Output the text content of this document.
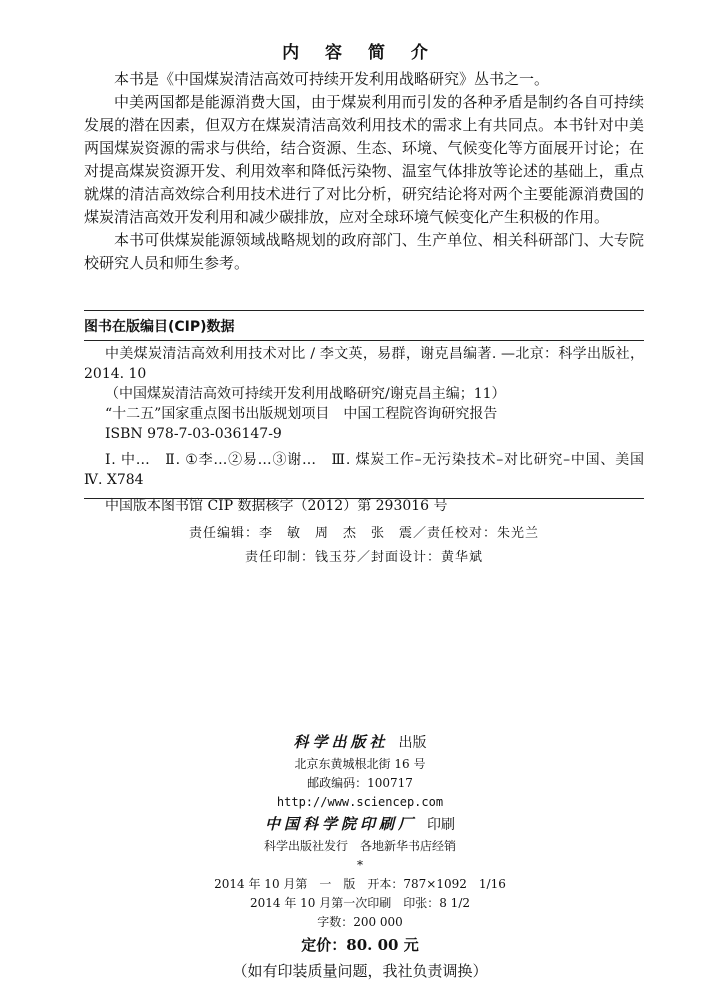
内 容 简 介

本书是《中国煤炭清洁高效可持续开发利用战略研究》丛书之一。

中美两国都是能源消费大国，由于煤炭利用而引发的各种矛盾是制约各自可持续发展的潜在因素，但双方在煤炭清洁高效利用技术的需求上有共同点。本书针对中美两国煤炭资源的需求与供给，结合资源、生态、环境、气候变化等方面展开讨论；在对提高煤炭资源开发、利用效率和降低污染物、温室气体排放等论述的基础上，重点就煤的清洁高效综合利用技术进行了对比分析，研究结论将对两个主要能源消费国的煤炭清洁高效开发利用和减少碳排放，应对全球环境气候变化产生积极的作用。

本书可供煤炭能源领域战略规划的政府部门、生产单位、相关科研部门、大专院校研究人员和师生参考。

图书在版编目(CIP)数据

中美煤炭清洁高效利用技术对比 / 李文英，易群，谢克昌编著. —北京：科学出版社，2014. 10

（中国煤炭清洁高效可持续开发利用战略研究/谢克昌主编；11）

“十二五”国家重点图书出版规划项目　中国工程院咨询研究报告

ISBN 978-7-03-036147-9

Ⅰ. 中…　Ⅱ. ①李…②易…③谢…　Ⅲ. 煤炭工作–无污染技术–对比研究–中国、美国　Ⅳ. X784

中国版本图书馆 CIP 数据核字（2012）第 293016 号

责任编辑：李　敏　周　杰　张　震／责任校对：朱光兰

责任印制：钱玉芬／封面设计：黄华斌

科学出版社 出版
北京东黄城根北街 16 号
邮政编码：100717
http://www.sciencep.com
中国科学院印刷厂 印刷
科学出版社发行　各地新华书店经销
*
2014 年 10 月第　一　版　开本：787×1092　1/16
2014 年 10 月第一次印刷　印张：8 1/2
字数：200 000
定价：80. 00 元
（如有印装质量问题，我社负责调换）
